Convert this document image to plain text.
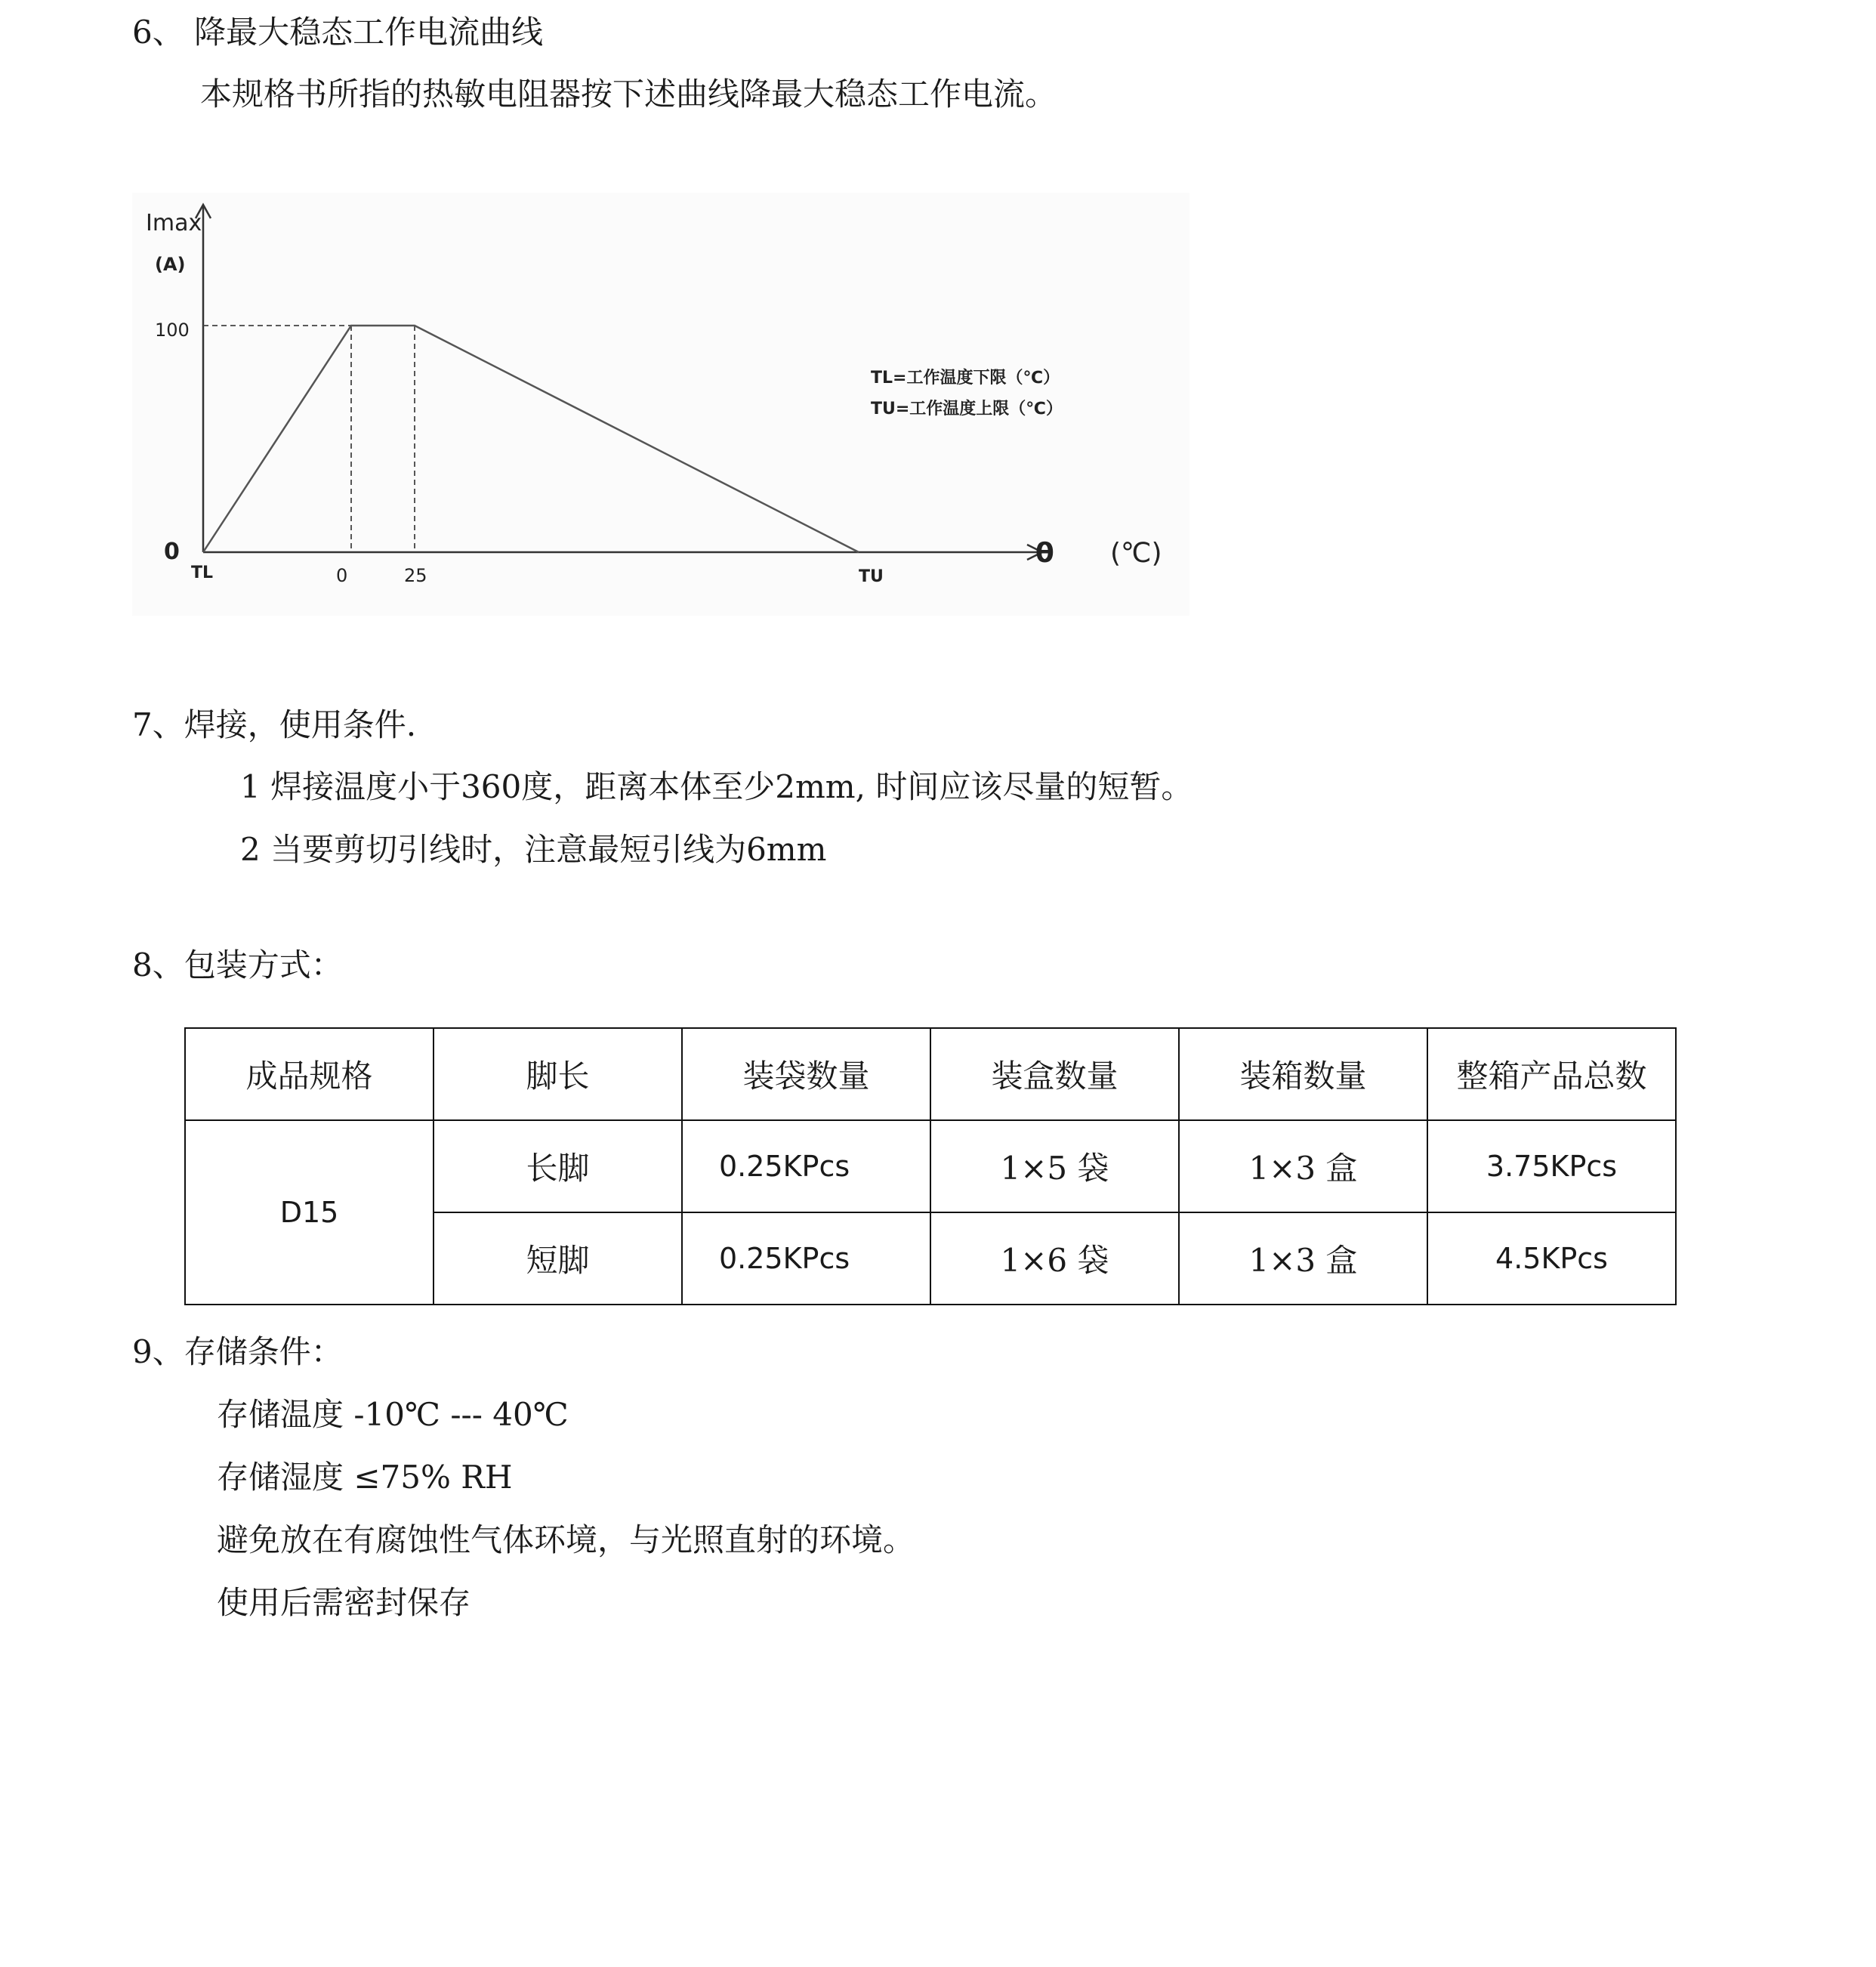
6、 降最大稳态工作电流曲线
本规格书所指的热敏电阻器按下述曲线降最大稳态工作电流。
Imax
(A)
θ (℃)
100
0
TL	0	25	TU
TL=工作温度下限（℃）
TU=工作温度上限（℃）
7、焊接，使用条件.
1 焊接温度小于360度，距离本体至少2mm, 时间应该尽量的短暂。
2 当要剪切引线时，注意最短引线为6mm
8、包装方式：
成品规格	脚长	装袋数量	装盒数量	装箱数量	整箱产品总数
D15	长脚	0.25KPcs	1×5 袋	1×3 盒	3.75KPcs
	短脚	0.25KPcs	1×6 袋	1×3 盒	4.5KPcs
9、存储条件：
存储温度 -10℃ --- 40℃
存储湿度 ≤75% RH
避免放在有腐蚀性气体环境，与光照直射的环境。
使用后需密封保存
